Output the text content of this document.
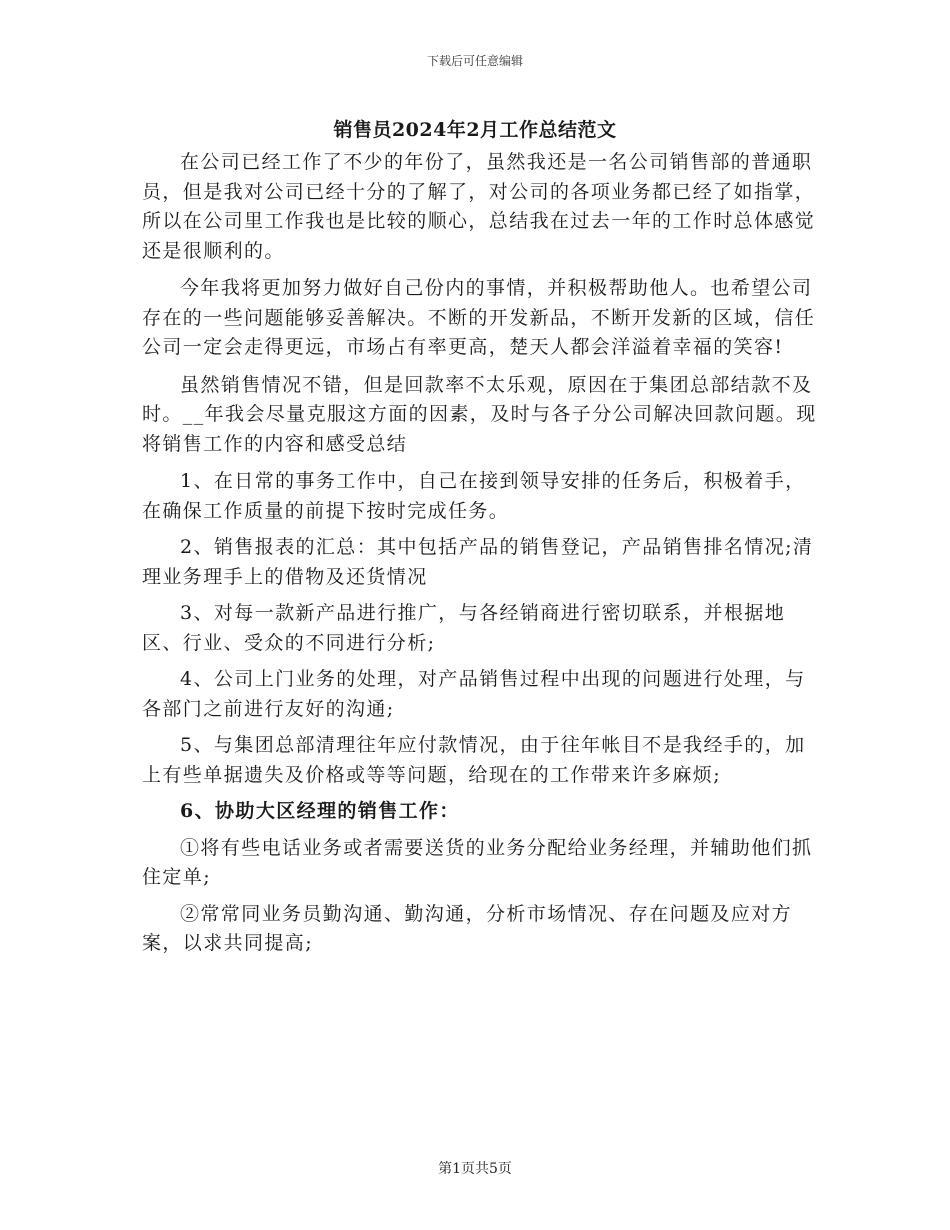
下载后可任意编辑
销售员2024年2月工作总结范文

在公司已经工作了不少的年份了，虽然我还是一名公司销售部的普通职员，但是我对公司已经十分的了解了，对公司的各项业务都已经了如指掌，所以在公司里工作我也是比较的顺心，总结我在过去一年的工作时总体感觉还是很顺利的。

今年我将更加努力做好自己份内的事情，并积极帮助他人。也希望公司存在的一些问题能够妥善解决。不断的开发新品，不断开发新的区域，信任公司一定会走得更远，市场占有率更高，楚天人都会洋溢着幸福的笑容!

虽然销售情况不错，但是回款率不太乐观，原因在于集团总部结款不及时。__年我会尽量克服这方面的因素，及时与各子分公司解决回款问题。现将销售工作的内容和感受总结

1、在日常的事务工作中，自己在接到领导安排的任务后，积极着手，在确保工作质量的前提下按时完成任务。

2、销售报表的汇总：其中包括产品的销售登记，产品销售排名情况;清理业务理手上的借物及还货情况

3、对每一款新产品进行推广，与各经销商进行密切联系，并根据地区、行业、受众的不同进行分析;

4、公司上门业务的处理，对产品销售过程中出现的问题进行处理，与各部门之前进行友好的沟通;

5、与集团总部清理往年应付款情况，由于往年帐目不是我经手的，加上有些单据遗失及价格或等等问题，给现在的工作带来许多麻烦;

6、协助大区经理的销售工作：

①将有些电话业务或者需要送货的业务分配给业务经理，并辅助他们抓住定单;

②常常同业务员勤沟通、勤沟通，分析市场情况、存在问题及应对方案，以求共同提高;

第1页共5页
